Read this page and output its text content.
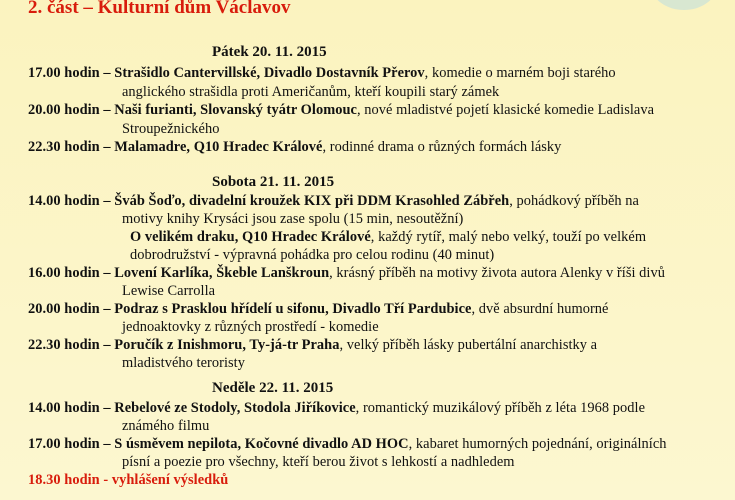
2. část – Kulturní dům Václavov
Pátek 20. 11. 2015
17.00 hodin – Strašidlo Cantervillské, Divadlo Dostavník Přerov, komedie o marném boji starého
anglického strašidla proti Američanům, kteří koupili starý zámek
20.00 hodin – Naši furianti, Slovanský tyátr Olomouc, nové mladistvé pojetí klasické komedie Ladislava
Stroupežnického
22.30 hodin – Malamadre, Q10 Hradec Králové, rodinné drama o různých formách lásky
Sobota 21. 11. 2015
14.00 hodin – Šváb Šoďo, divadelní kroužek KIX při DDM Krasohled Zábřeh, pohádkový příběh na
motivy knihy Krysáci jsou zase spolu (15 min, nesoutěžní)
O velikém draku, Q10 Hradec Králové, každý rytíř, malý nebo velký, touží po velkém
dobrodružství - výpravná pohádka pro celou rodinu (40 minut)
16.00 hodin – Lovení Karlíka, Škeble Lanškroun, krásný příběh na motivy života autora Alenky v říši divů
Lewise Carrolla
20.00 hodin – Podraz s Prasklou hřídelí u sifonu, Divadlo Tří Pardubice, dvě absurdní humorné
jednoaktovky z různých prostředí - komedie
22.30 hodin – Poručík z Inishmoru, Ty-já-tr Praha, velký příběh lásky pubertální anarchistky a
mladistvého teroristy
Neděle 22. 11. 2015
14.00 hodin – Rebelové ze Stodoly, Stodola Jiříkovice, romantický muzikálový příběh z léta 1968 podle
známého filmu
17.00 hodin – S úsměvem nepilota, Kočovné divadlo AD HOC, kabaret humorných pojednání, originálních
písní a poezie pro všechny, kteří berou život s lehkostí a nadhledem
18.30 hodin - vyhlášení výsledků
